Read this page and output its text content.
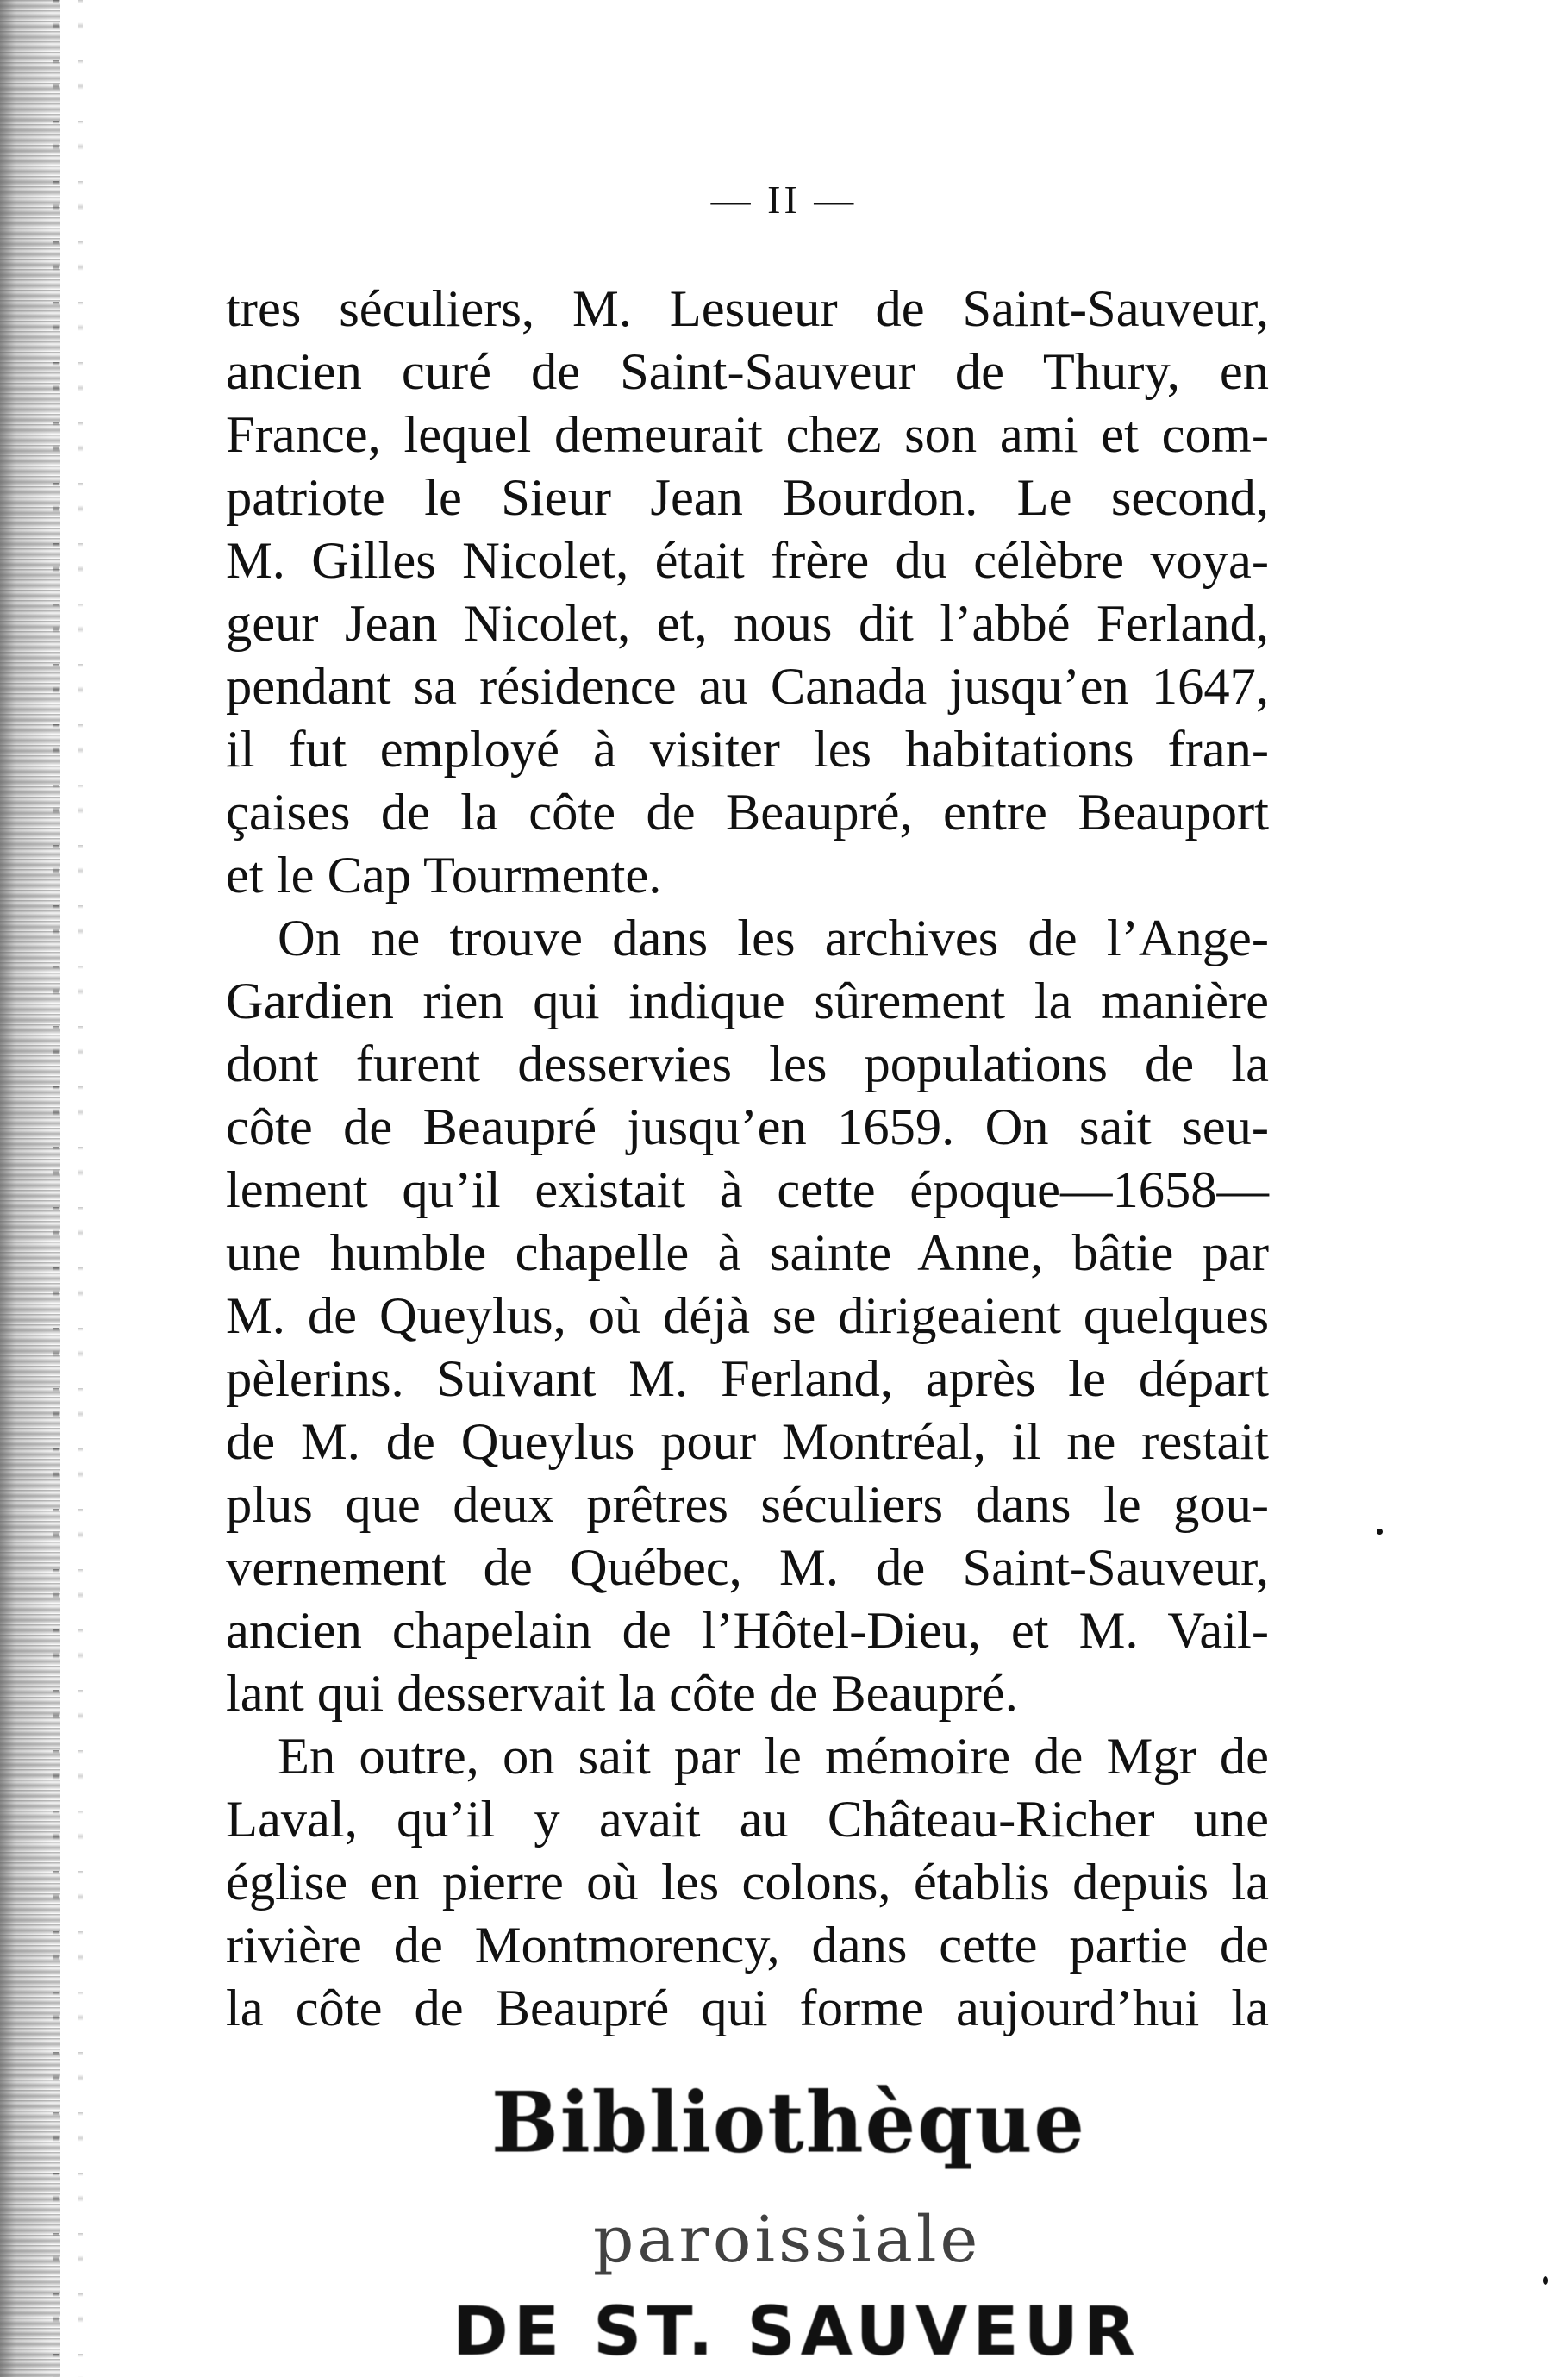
— II —
tres séculiers, M. Lesueur de Saint-Sauveur,
ancien curé de Saint-Sauveur de Thury, en
France, lequel demeurait chez son ami et com-
patriote le Sieur Jean Bourdon. Le second,
M. Gilles Nicolet, était frère du célèbre voya-
geur Jean Nicolet, et, nous dit l’abbé Ferland,
pendant sa résidence au Canada jusqu’en 1647,
il fut employé à visiter les habitations fran-
çaises de la côte de Beaupré, entre Beauport
et le Cap Tourmente.
On ne trouve dans les archives de l’Ange-
Gardien rien qui indique sûrement la manière
dont furent desservies les populations de la
côte de Beaupré jusqu’en 1659. On sait seu-
lement qu’il existait à cette époque—1658—
une humble chapelle à sainte Anne, bâtie par
M. de Queylus, où déjà se dirigeaient quelques
pèlerins. Suivant M. Ferland, après le départ
de M. de Queylus pour Montréal, il ne restait
plus que deux prêtres séculiers dans le gou-
vernement de Québec, M. de Saint-Sauveur,
ancien chapelain de l’Hôtel-Dieu, et M. Vail-
lant qui desservait la côte de Beaupré.
En outre, on sait par le mémoire de Mgr de
Laval, qu’il y avait au Château-Richer une
église en pierre où les colons, établis depuis la
rivière de Montmorency, dans cette partie de
la côte de Beaupré qui forme aujourd’hui la
Bibliothèque
paroissiale
DE ST. SAUVEUR
